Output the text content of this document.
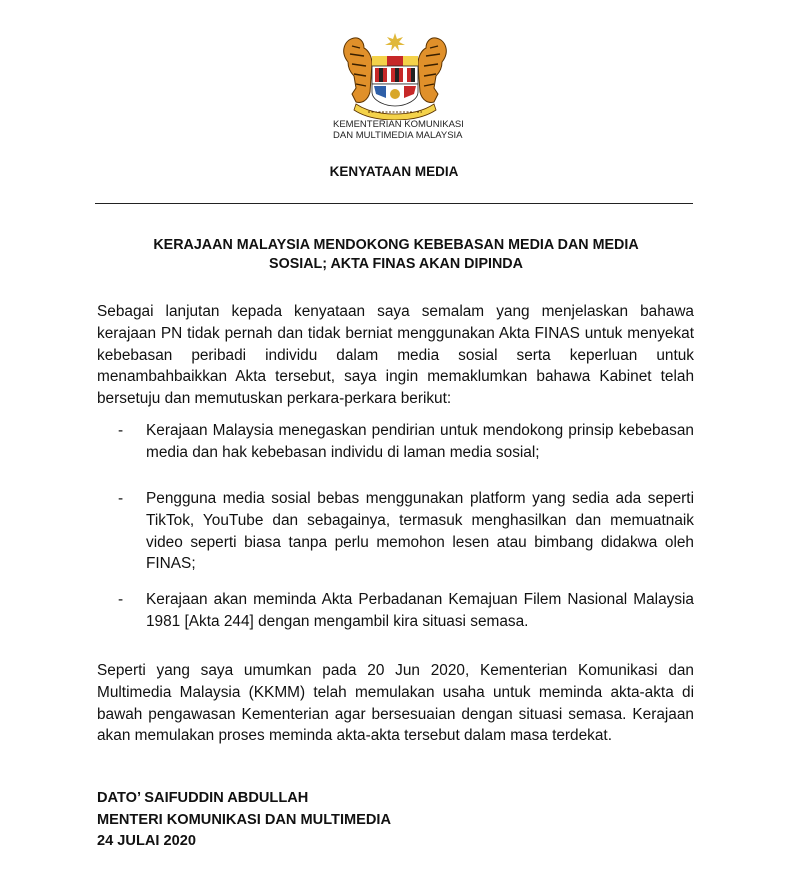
KEMENTERIAN KOMUNIKASI
DAN MULTIMEDIA MALAYSIA
KENYATAAN MEDIA
KERAJAAN MALAYSIA MENDOKONG KEBEBASAN MEDIA DAN MEDIA
SOSIAL; AKTA FINAS AKAN DIPINDA
Sebagai lanjutan kepada kenyataan saya semalam yang menjelaskan bahawa kerajaan PN tidak pernah dan tidak berniat menggunakan Akta FINAS untuk menyekat kebebasan peribadi individu dalam media sosial serta keperluan untuk menambahbaikkan Akta tersebut, saya ingin memaklumkan bahawa Kabinet telah bersetuju dan memutuskan perkara-perkara berikut:
- Kerajaan Malaysia menegaskan pendirian untuk mendokong prinsip kebebasan media dan hak kebebasan individu di laman media sosial;
- Pengguna media sosial bebas menggunakan platform yang sedia ada seperti TikTok, YouTube dan sebagainya, termasuk menghasilkan dan memuatnaik video seperti biasa tanpa perlu memohon lesen atau bimbang didakwa oleh FINAS;
- Kerajaan akan meminda Akta Perbadanan Kemajuan Filem Nasional Malaysia 1981 [Akta 244] dengan mengambil kira situasi semasa.
Seperti yang saya umumkan pada 20 Jun 2020, Kementerian Komunikasi dan Multimedia Malaysia (KKMM) telah memulakan usaha untuk meminda akta-akta di bawah pengawasan Kementerian agar bersesuaian dengan situasi semasa. Kerajaan akan memulakan proses meminda akta-akta tersebut dalam masa terdekat.
DATO’ SAIFUDDIN ABDULLAH
MENTERI KOMUNIKASI DAN MULTIMEDIA
24 JULAI 2020
